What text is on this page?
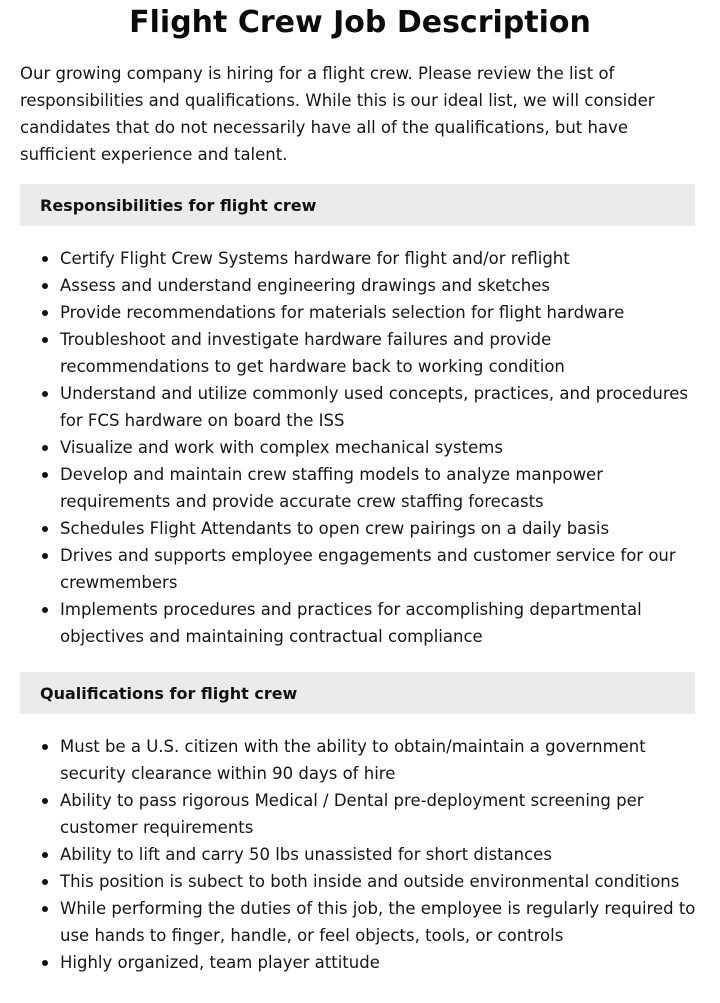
Flight Crew Job Description

Our growing company is hiring for a flight crew. Please review the list of responsibilities and qualifications. While this is our ideal list, we will consider candidates that do not necessarily have all of the qualifications, but have sufficient experience and talent.

Responsibilities for flight crew
Certify Flight Crew Systems hardware for flight and/or reflight
Assess and understand engineering drawings and sketches
Provide recommendations for materials selection for flight hardware
Troubleshoot and investigate hardware failures and provide recommendations to get hardware back to working condition
Understand and utilize commonly used concepts, practices, and procedures for FCS hardware on board the ISS
Visualize and work with complex mechanical systems
Develop and maintain crew staffing models to analyze manpower requirements and provide accurate crew staffing forecasts
Schedules Flight Attendants to open crew pairings on a daily basis
Drives and supports employee engagements and customer service for our crewmembers
Implements procedures and practices for accomplishing departmental objectives and maintaining contractual compliance
Qualifications for flight crew
Must be a U.S. citizen with the ability to obtain/maintain a government security clearance within 90 days of hire
Ability to pass rigorous Medical / Dental pre-deployment screening per customer requirements
Ability to lift and carry 50 lbs unassisted for short distances
This position is subect to both inside and outside environmental conditions
While performing the duties of this job, the employee is regularly required to use hands to finger, handle, or feel objects, tools, or controls
Highly organized, team player attitude
